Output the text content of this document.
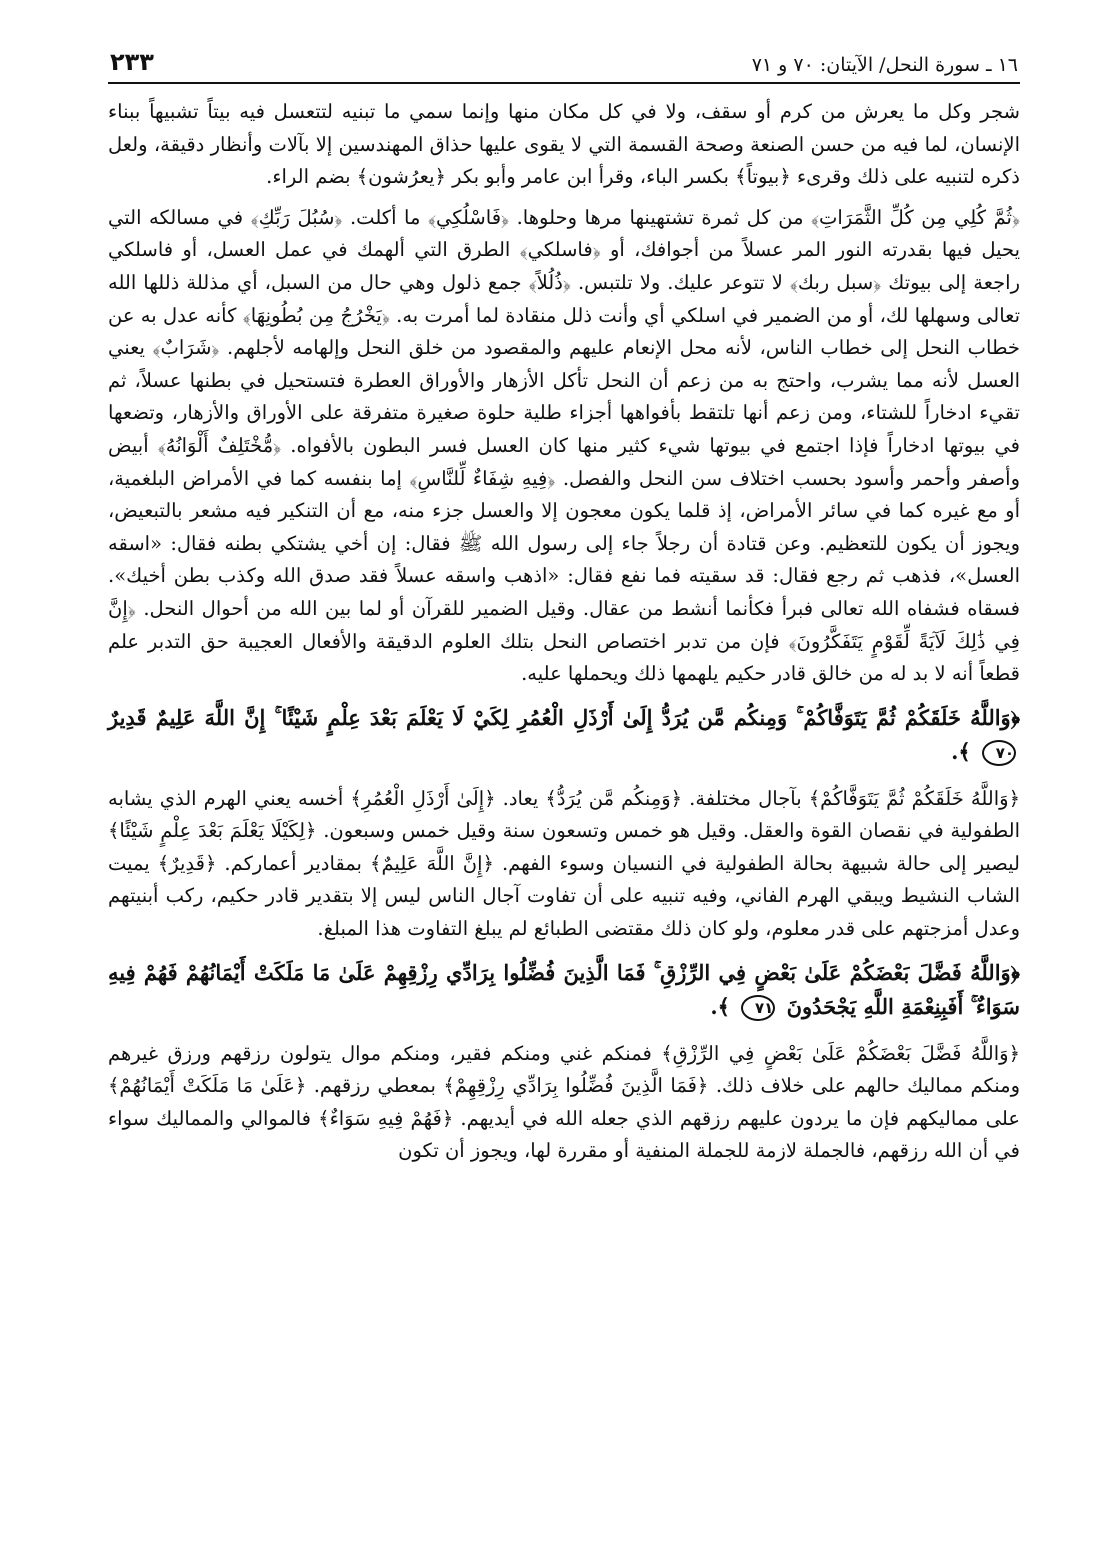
١٦ ـ سورة النحل/ الآيتان: ٧٠ و ٧١
٢٣٣

شجر وكل ما يعرش من كرم أو سقف، ولا في كل مكان منها وإنما سمي ما تبنيه لتتعسل فيه بيتاً تشبيهاً ببناء الإنسان، لما فيه من حسن الصنعة وصحة القسمة التي لا يقوى عليها حذاق المهندسين إلا بآلات وأنظار دقيقة، ولعل ذكره لتنبيه على ذلك وقرىء ﴿بيوتاً﴾ بكسر الباء، وقرأ ابن عامر وأبو بكر ﴿يعرُشون﴾ بضم الراء.

﴿ثُمَّ كُلِي مِن كُلِّ الثَّمَرَاتِ﴾ من كل ثمرة تشتهينها مرها وحلوها. ﴿فَاسْلُكِي﴾ ما أكلت. ﴿سُبُلَ رَبِّكِ﴾ في مسالكه التي يحيل فيها بقدرته النور المر عسلاً من أجوافك، أو ﴿فاسلكي﴾ الطرق التي ألهمك في عمل العسل، أو فاسلكي راجعة إلى بيوتك ﴿سبل ربك﴾ لا تتوعر عليك. ولا تلتبس. ﴿ذُلُلاً﴾ جمع ذلول وهي حال من السبل، أي مذللة ذللها الله تعالى وسهلها لك، أو من الضمير في اسلكي أي وأنت ذلل منقادة لما أمرت به. ﴿يَخْرُجُ مِن بُطُونِهَا﴾ كأنه عدل به عن خطاب النحل إلى خطاب الناس، لأنه محل الإنعام عليهم والمقصود من خلق النحل وإلهامه لأجلهم. ﴿شَرَابٌ﴾ يعني العسل لأنه مما يشرب، واحتج به من زعم أن النحل تأكل الأزهار والأوراق العطرة فتستحيل في بطنها عسلاً، ثم تقيء ادخاراً للشتاء، ومن زعم أنها تلتقط بأفواهها أجزاء طلية حلوة صغيرة متفرقة على الأوراق والأزهار، وتضعها في بيوتها ادخاراً فإذا اجتمع في بيوتها شيء كثير منها كان العسل فسر البطون بالأفواه. ﴿مُّخْتَلِفٌ أَلْوَانُهُ﴾ أبيض وأصفر وأحمر وأسود بحسب اختلاف سن النحل والفصل. ﴿فِيهِ شِفَاءٌ لِّلنَّاسِ﴾ إما بنفسه كما في الأمراض البلغمية، أو مع غيره كما في سائر الأمراض، إذ قلما يكون معجون إلا والعسل جزء منه، مع أن التنكير فيه مشعر بالتبعيض، ويجوز أن يكون للتعظيم. وعن قتادة أن رجلاً جاء إلى رسول الله ﷺ فقال: إن أخي يشتكي بطنه فقال: «اسقه العسل»، فذهب ثم رجع فقال: قد سقيته فما نفع فقال: «اذهب واسقه عسلاً فقد صدق الله وكذب بطن أخيك». فسقاه فشفاه الله تعالى فبرأ فكأنما أنشط من عقال. وقيل الضمير للقرآن أو لما بين الله من أحوال النحل. ﴿إِنَّ فِي ذَٰلِكَ لَآيَةً لِّقَوْمٍ يَتَفَكَّرُونَ﴾ فإن من تدبر اختصاص النحل بتلك العلوم الدقيقة والأفعال العجيبة حق التدبر علم قطعاً أنه لا بد له من خالق قادر حكيم يلهمها ذلك ويحملها عليه.

﴿وَاللَّهُ خَلَقَكُمْ ثُمَّ يَتَوَفَّاكُمْ ۚ وَمِنكُم مَّن يُرَدُّ إِلَىٰ أَرْذَلِ الْعُمُرِ لِكَيْ لَا يَعْلَمَ بَعْدَ عِلْمٍ شَيْئًا ۚ إِنَّ اللَّهَ عَلِيمٌ قَدِيرٌ ٧٠ ﴾.

﴿وَاللَّهُ خَلَقَكُمْ ثُمَّ يَتَوَفَّاكُمْ﴾ بآجال مختلفة. ﴿وَمِنكُم مَّن يُرَدُّ﴾ يعاد. ﴿إِلَىٰ أَرْذَلِ الْعُمُرِ﴾ أخسه يعني الهرم الذي يشابه الطفولية في نقصان القوة والعقل. وقيل هو خمس وتسعون سنة وقيل خمس وسبعون. ﴿لِكَيْلَا يَعْلَمَ بَعْدَ عِلْمٍ شَيْئًا﴾ ليصير إلى حالة شبيهة بحالة الطفولية في النسيان وسوء الفهم. ﴿إِنَّ اللَّهَ عَلِيمٌ﴾ بمقادير أعماركم. ﴿قَدِيرٌ﴾ يميت الشاب النشيط ويبقي الهرم الفاني، وفيه تنبيه على أن تفاوت آجال الناس ليس إلا بتقدير قادر حكيم، ركب أبنيتهم وعدل أمزجتهم على قدر معلوم، ولو كان ذلك مقتضى الطبائع لم يبلغ التفاوت هذا المبلغ.

﴿وَاللَّهُ فَضَّلَ بَعْضَكُمْ عَلَىٰ بَعْضٍ فِي الرِّزْقِ ۚ فَمَا الَّذِينَ فُضِّلُوا بِرَادِّي رِزْقِهِمْ عَلَىٰ مَا مَلَكَتْ أَيْمَانُهُمْ فَهُمْ فِيهِ سَوَاءٌ ۚ أَفَبِنِعْمَةِ اللَّهِ يَجْحَدُونَ ٧١ ﴾.

﴿وَاللَّهُ فَضَّلَ بَعْضَكُمْ عَلَىٰ بَعْضٍ فِي الرِّزْقِ﴾ فمنكم غني ومنكم فقير، ومنكم موال يتولون رزقهم ورزق غيرهم ومنكم مماليك حالهم على خلاف ذلك. ﴿فَمَا الَّذِينَ فُضِّلُوا بِرَادِّي رِزْقِهِمْ﴾ بمعطي رزقهم. ﴿عَلَىٰ مَا مَلَكَتْ أَيْمَانُهُمْ﴾ على مماليكهم فإن ما يردون عليهم رزقهم الذي جعله الله في أيديهم. ﴿فَهُمْ فِيهِ سَوَاءٌ﴾ فالموالي والمماليك سواء في أن الله رزقهم، فالجملة لازمة للجملة المنفية أو مقررة لها، ويجوز أن تكون
